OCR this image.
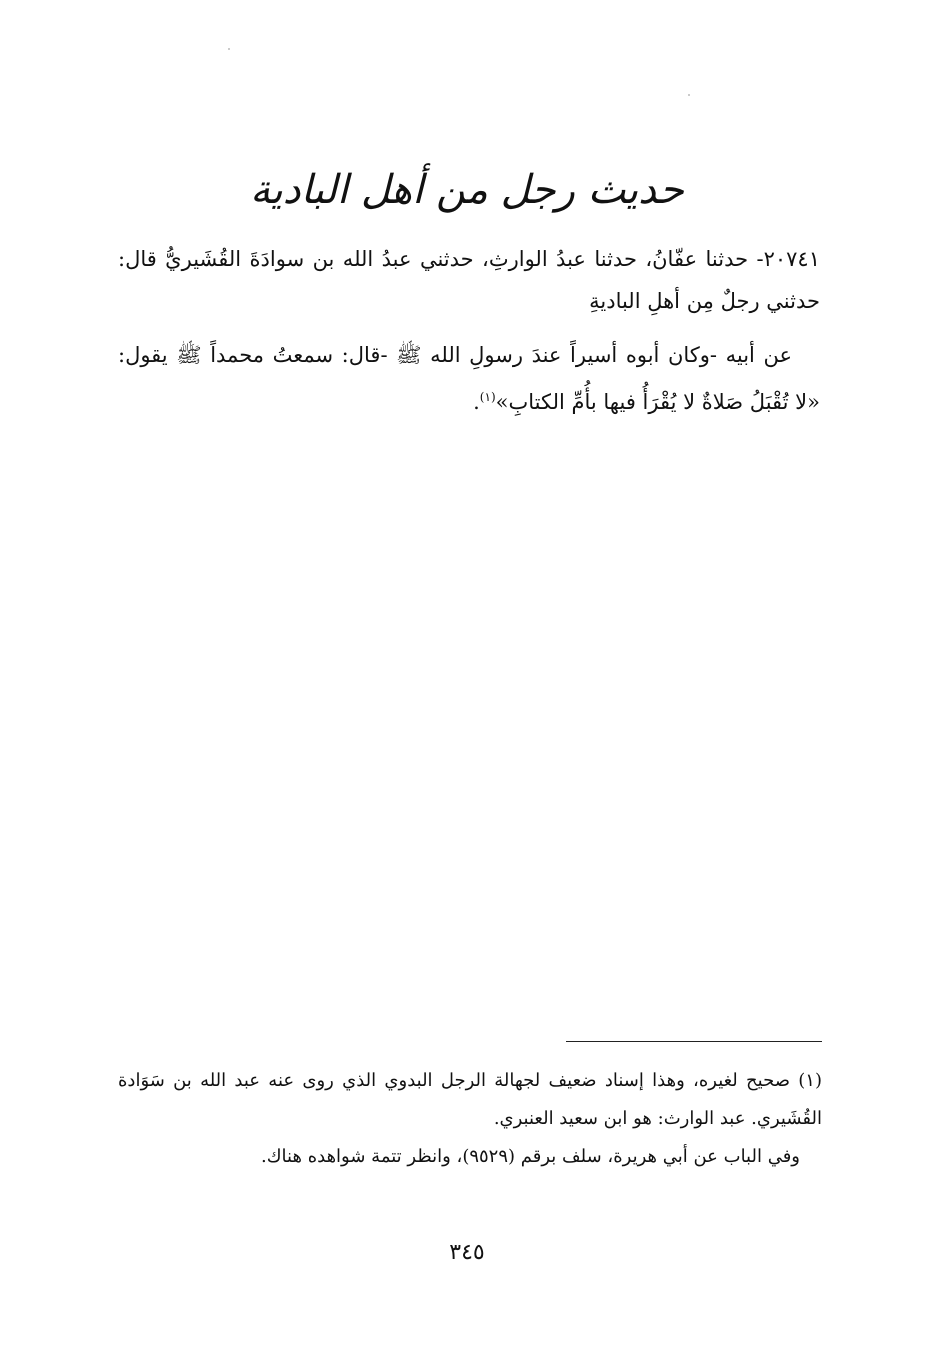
حديث رجل من أهل البادية

٢٠٧٤١- حدثنا عفّانُ، حدثنا عبدُ الوارثِ، حدثني عبدُ الله بن سوادَةَ القُشَيريُّ قال: حدثني رجلٌ مِن أهلِ الباديةِ

عن أبيه -وكان أبوه أسيراً عندَ رسولِ الله ﷺ -قال: سمعتُ محمداً ﷺ يقول: «لا تُقْبَلُ صَلاةٌ لا يُقْرَأُ فيها بأُمِّ الكتابِ»$^{(١)}$.

(١) صحيح لغيره، وهذا إسناد ضعيف لجهالة الرجل البدوي الذي روى عنه عبد الله بن سَوَادة القُشَيري. عبد الوارث: هو ابن سعيد العنبري.

وفي الباب عن أبي هريرة، سلف برقم (٩٥٢٩)، وانظر تتمة شواهده هناك.

٣٤٥
